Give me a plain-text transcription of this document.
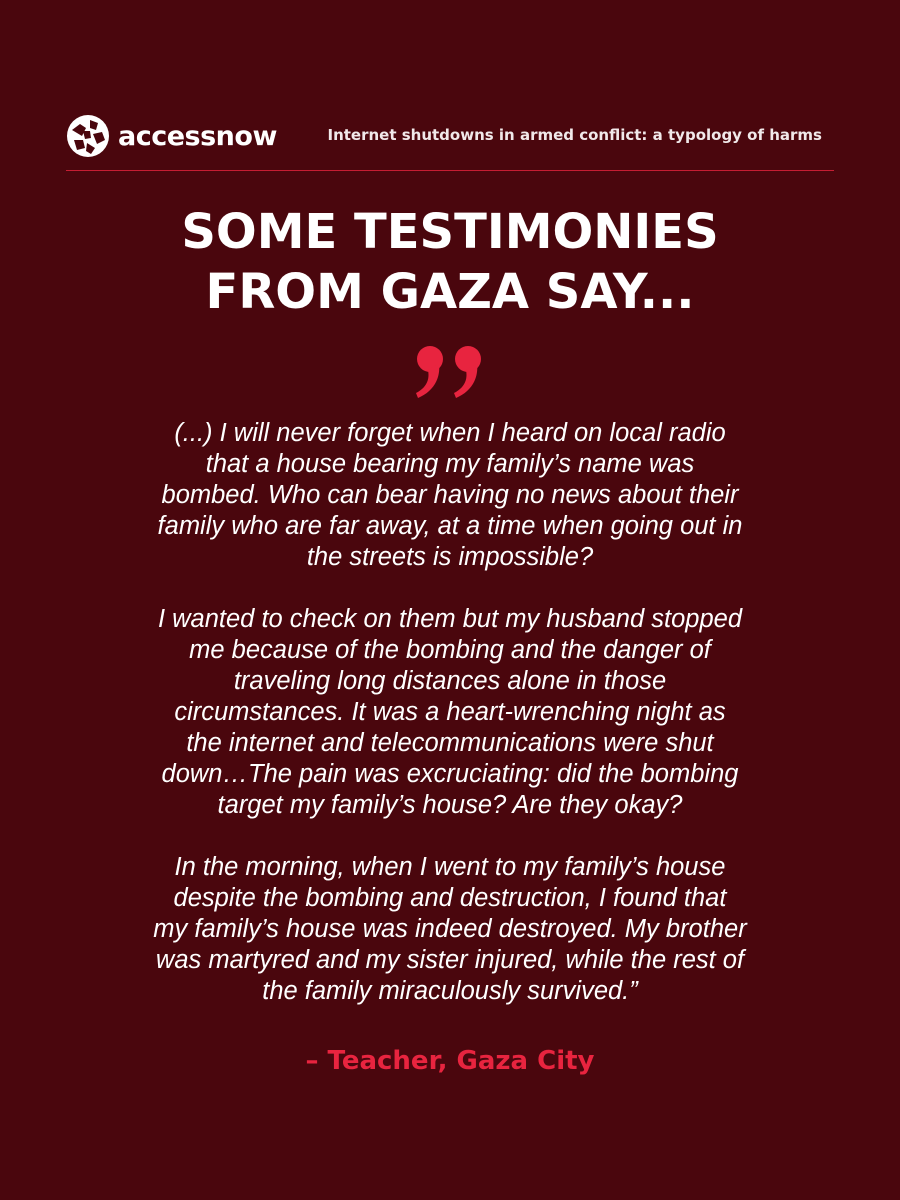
accessnow	Internet shutdowns in armed conflict: a typology of harms
SOME TESTIMONIES
FROM GAZA SAY...

(...) I will never forget when I heard on local radio
that a house bearing my family’s name was
bombed. Who can bear having no news about their
family who are far away, at a time when going out in
the streets is impossible?

I wanted to check on them but my husband stopped
me because of the bombing and the danger of
traveling long distances alone in those
circumstances. It was a heart-wrenching night as
the internet and telecommunications were shut
down…The pain was excruciating: did the bombing
target my family’s house? Are they okay?

In the morning, when I went to my family’s house
despite the bombing and destruction, I found that
my family’s house was indeed destroyed. My brother
was martyred and my sister injured, while the rest of
the family miraculously survived.”

– Teacher, Gaza City
